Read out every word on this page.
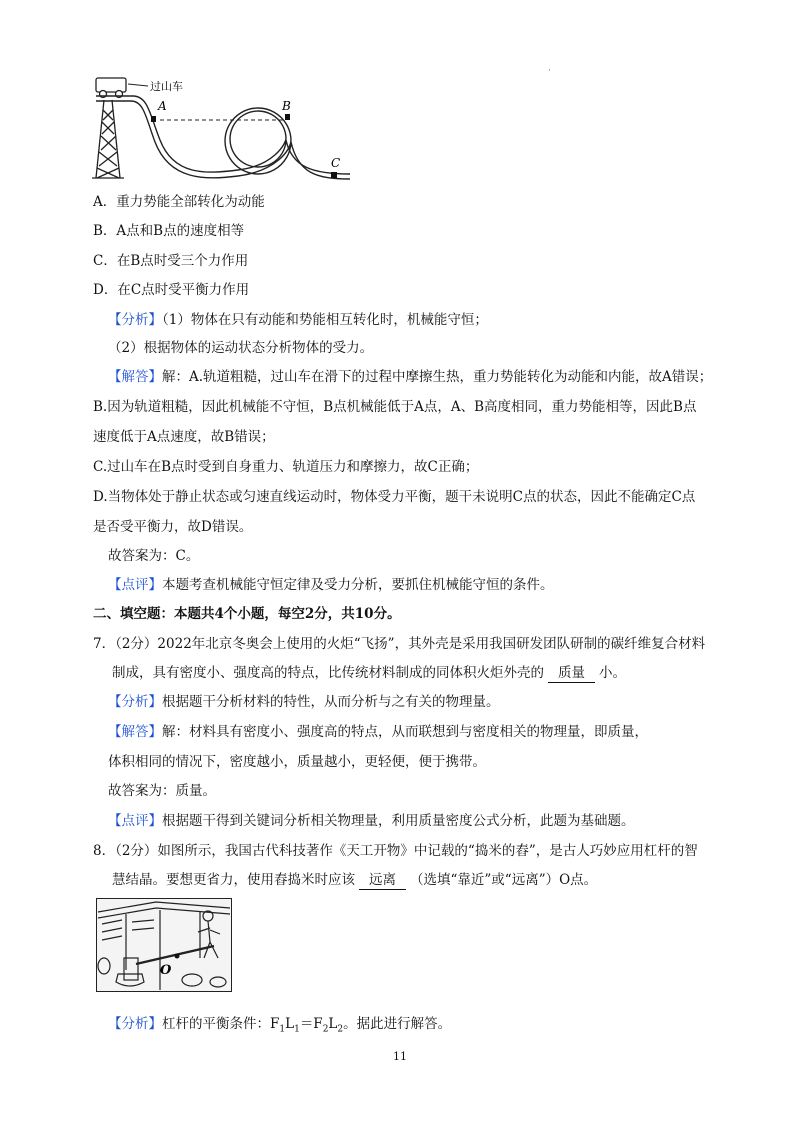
过山车
A	B
C
·
A．重力势能全部转化为动能
B．A点和B点的速度相等
C．在B点时受三个力作用
D．在C点时受平衡力作用
【分析】（1）物体在只有动能和势能相互转化时，机械能守恒；
（2）根据物体的运动状态分析物体的受力。
【解答】解：A.轨道粗糙，过山车在滑下的过程中摩擦生热，重力势能转化为动能和内能，故A错误；
B.因为轨道粗糙，因此机械能不守恒，B点机械能低于A点，A、B高度相同，重力势能相等，因此B点
速度低于A点速度，故B错误；
C.过山车在B点时受到自身重力、轨道压力和摩擦力，故C正确；
D.当物体处于静止状态或匀速直线运动时，物体受力平衡，题干未说明C点的状态，因此不能确定C点
是否受平衡力，故D错误。
故答案为：C。
【点评】本题考查机械能守恒定律及受力分析，要抓住机械能守恒的条件。
二、填空题：本题共4个小题，每空2分，共10分。
7．（2分）2022年北京冬奥会上使用的火炬“飞扬”，其外壳是采用我国研发团队研制的碳纤维复合材料
制成，具有密度小、强度高的特点，比传统材料制成的同体积火炬外壳的 质量 小。
【分析】根据题干分析材料的特性，从而分析与之有关的物理量。
【解答】解：材料具有密度小、强度高的特点，从而联想到与密度相关的物理量，即质量，
体积相同的情况下，密度越小，质量越小，更轻便，便于携带。
故答案为：质量。
【点评】根据题干得到关键词分析相关物理量，利用质量密度公式分析，此题为基础题。
8．（2分）如图所示，我国古代科技著作《天工开物》中记载的“捣米的舂”，是古人巧妙应用杠杆的智
慧结晶。要想更省力，使用舂捣米时应该 远离 （选填“靠近”或“远离”）O点。
O
【分析】杠杆的平衡条件：$F_1L_1=F_2L_2$。据此进行解答。
11
